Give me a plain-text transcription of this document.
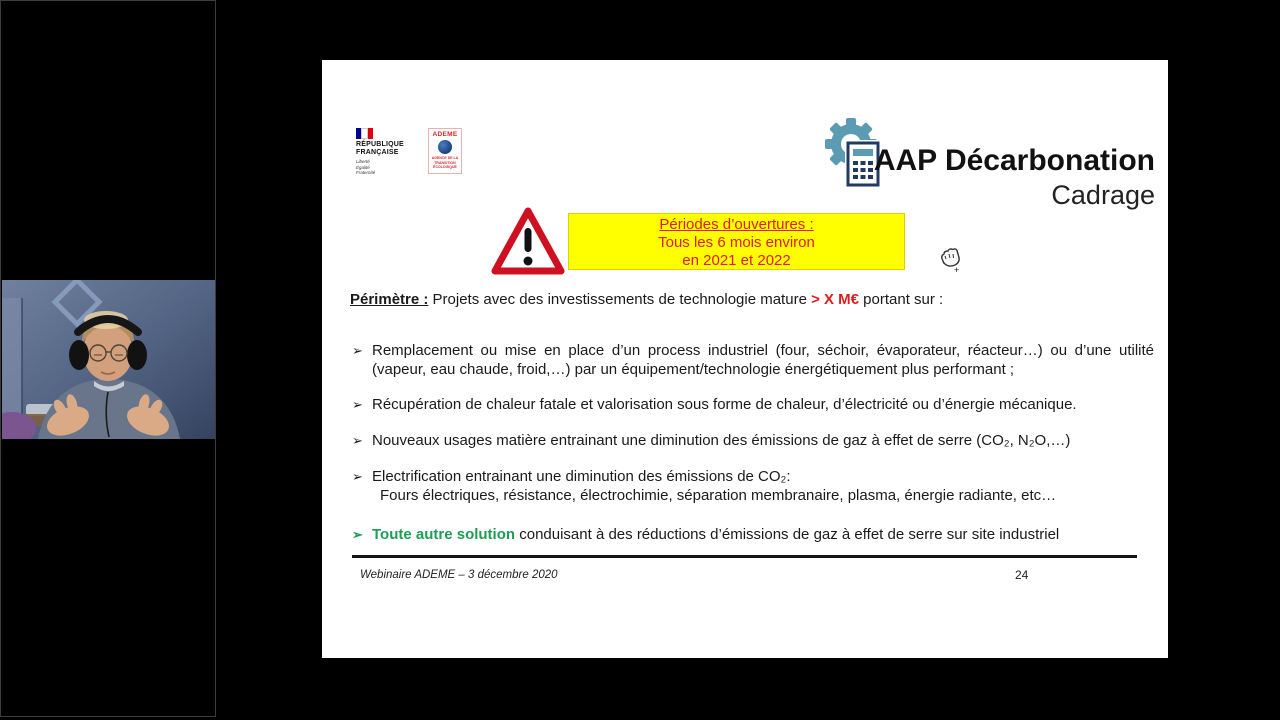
RÉPUBLIQUE
FRANÇAISE
Liberté
Égalité
Fraternité
ADEME
AGENCE DE LA
TRANSITION
ÉCOLOGIQUE	AAP Décarbonation
Cadrage
Périodes d’ouvertures :
Tous les 6 mois environ
en 2021 et 2022
+

Périmètre : Projets avec des investissements de technologie mature > X M€ portant sur :

➢ Remplacement ou mise en place d’un process industriel (four, séchoir, évaporateur, réacteur…) ou d’une utilité (vapeur, eau chaude, froid,…) par un équipement/technologie énergétiquement plus performant ;
➢ Récupération de chaleur fatale et valorisation sous forme de chaleur, d’électricité ou d’énergie mécanique.
➢ Nouveaux usages matière entrainant une diminution des émissions de gaz à effet de serre (CO₂, N₂O,…)
➢ Electrification entrainant une diminution des émissions de CO₂:
Fours électriques, résistance, électrochimie, séparation membranaire, plasma, énergie radiante, etc…
➢ Toute autre solution conduisant à des réductions d’émissions de gaz à effet de serre sur site industriel
Webinaire ADEME – 3 décembre 2020	24
